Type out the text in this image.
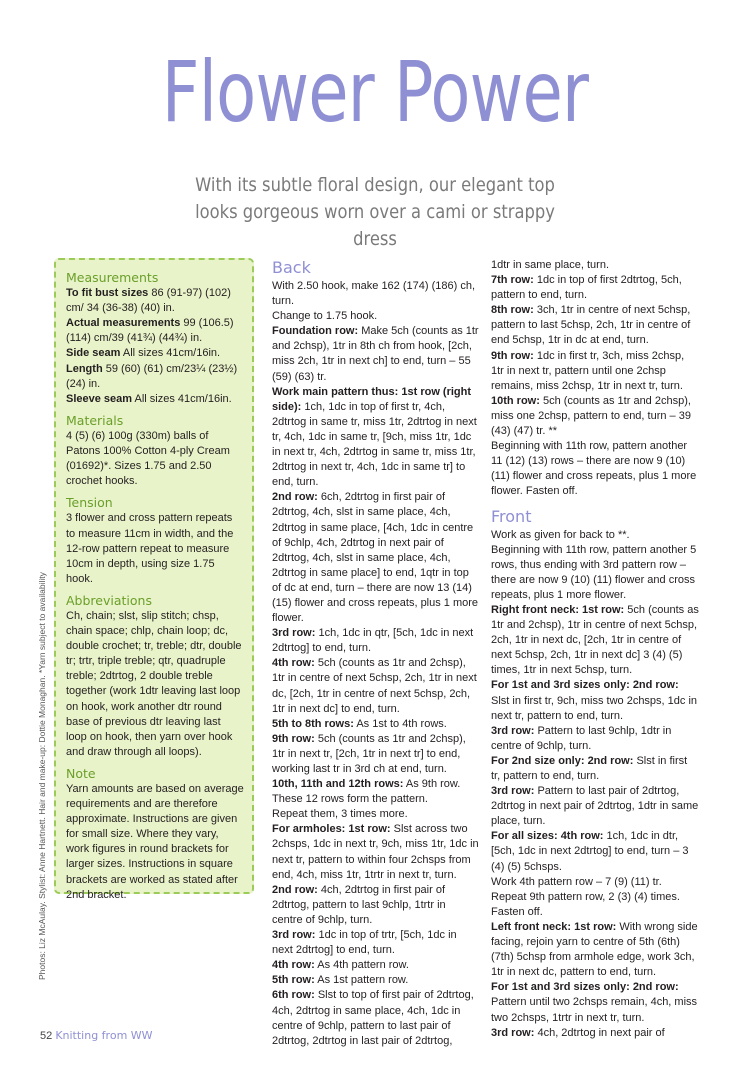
Flower Power
With its subtle floral design, our elegant top looks gorgeous worn over a cami or strappy dress
Photos: Liz McAulay. Stylist: Anne Hartnett. Hair and make-up: Dottie Monaghan. *Yarn subject to availability
Measurements

To fit bust sizes 86 (91-97) (102) cm/ 34 (36-38) (40) in.

Actual measurements 99 (106.5) (114) cm/39 (41¾) (44¾) in.

Side seam All sizes 41cm/16in.

Length 59 (60) (61) cm/23¼ (23½) (24) in.

Sleeve seam All sizes 41cm/16in.

Materials

4 (5) (6) 100g (330m) balls of Patons 100% Cotton 4-ply Cream (01692)*. Sizes 1.75 and 2.50 crochet hooks.

Tension

3 flower and cross pattern repeats to measure 11cm in width, and the 12-row pattern repeat to measure 10cm in depth, using size 1.75 hook.

Abbreviations

Ch, chain; slst, slip stitch; chsp, chain space; chlp, chain loop; dc, double crochet; tr, treble; dtr, double tr; trtr, triple treble; qtr, quadruple treble; 2dtrtog, 2 double treble together (work 1dtr leaving last loop on hook, work another dtr round base of previous dtr leaving last loop on hook, then yarn over hook and draw through all loops).

Note

Yarn amounts are based on average requirements and are therefore approximate. Instructions are given for small size. Where they vary, work figures in round brackets for larger sizes. Instructions in square brackets are worked as stated after 2nd bracket.

Back

With 2.50 hook, make 162 (174) (186) ch, turn.

Change to 1.75 hook.

Foundation row: Make 5ch (counts as 1tr and 2chsp), 1tr in 8th ch from hook, [2ch, miss 2ch, 1tr in next ch] to end, turn – 55 (59) (63) tr.

Work main pattern thus: 1st row (right side): 1ch, 1dc in top of first tr, 4ch, 2dtrtog in same tr, miss 1tr, 2dtrtog in next tr, 4ch, 1dc in same tr, [9ch, miss 1tr, 1dc in next tr, 4ch, 2dtrtog in same tr, miss 1tr, 2dtrtog in next tr, 4ch, 1dc in same tr] to end, turn.

2nd row: 6ch, 2dtrtog in first pair of 2dtrtog, 4ch, slst in same place, 4ch, 2dtrtog in same place, [4ch, 1dc in centre of 9chlp, 4ch, 2dtrtog in next pair of 2dtrtog, 4ch, slst in same place, 4ch, 2dtrtog in same place] to end, 1qtr in top of dc at end, turn – there are now 13 (14) (15) flower and cross repeats, plus 1 more flower.

3rd row: 1ch, 1dc in qtr, [5ch, 1dc in next 2dtrtog] to end, turn.

4th row: 5ch (counts as 1tr and 2chsp), 1tr in centre of next 5chsp, 2ch, 1tr in next dc, [2ch, 1tr in centre of next 5chsp, 2ch, 1tr in next dc] to end, turn.

5th to 8th rows: As 1st to 4th rows.

9th row: 5ch (counts as 1tr and 2chsp), 1tr in next tr, [2ch, 1tr in next tr] to end, working last tr in 3rd ch at end, turn.

10th, 11th and 12th rows: As 9th row.

These 12 rows form the pattern.

Repeat them, 3 times more.

For armholes: 1st row: Slst across two 2chsps, 1dc in next tr, 9ch, miss 1tr, 1dc in next tr, pattern to within four 2chsps from end, 4ch, miss 1tr, 1trtr in next tr, turn.

2nd row: 4ch, 2dtrtog in first pair of 2dtrtog, pattern to last 9chlp, 1trtr in centre of 9chlp, turn.

3rd row: 1dc in top of trtr, [5ch, 1dc in next 2dtrtog] to end, turn.

4th row: As 4th pattern row.

5th row: As 1st pattern row.

6th row: Slst to top of first pair of 2dtrtog, 4ch, 2dtrtog in same place, 4ch, 1dc in centre of 9chlp, pattern to last pair of 2dtrtog, 2dtrtog in last pair of 2dtrtog,

1dtr in same place, turn.

7th row: 1dc in top of first 2dtrtog, 5ch, pattern to end, turn.

8th row: 3ch, 1tr in centre of next 5chsp, pattern to last 5chsp, 2ch, 1tr in centre of end 5chsp, 1tr in dc at end, turn.

9th row: 1dc in first tr, 3ch, miss 2chsp, 1tr in next tr, pattern until one 2chsp remains, miss 2chsp, 1tr in next tr, turn.

10th row: 5ch (counts as 1tr and 2chsp), miss one 2chsp, pattern to end, turn – 39 (43) (47) tr. **

Beginning with 11th row, pattern another 11 (12) (13) rows – there are now 9 (10) (11) flower and cross repeats, plus 1 more flower. Fasten off.

Front

Work as given for back to **.

Beginning with 11th row, pattern another 5 rows, thus ending with 3rd pattern row – there are now 9 (10) (11) flower and cross repeats, plus 1 more flower.

Right front neck: 1st row: 5ch (counts as 1tr and 2chsp), 1tr in centre of next 5chsp, 2ch, 1tr in next dc, [2ch, 1tr in centre of next 5chsp, 2ch, 1tr in next dc] 3 (4) (5) times, 1tr in next 5chsp, turn.

For 1st and 3rd sizes only: 2nd row: Slst in first tr, 9ch, miss two 2chsps, 1dc in next tr, pattern to end, turn.

3rd row: Pattern to last 9chlp, 1dtr in centre of 9chlp, turn.

For 2nd size only: 2nd row: Slst in first tr, pattern to end, turn.

3rd row: Pattern to last pair of 2dtrtog, 2dtrtog in next pair of 2dtrtog, 1dtr in same place, turn.

For all sizes: 4th row: 1ch, 1dc in dtr, [5ch, 1dc in next 2dtrtog] to end, turn – 3 (4) (5) 5chsps.

Work 4th pattern row – 7 (9) (11) tr.

Repeat 9th pattern row, 2 (3) (4) times.

Fasten off.

Left front neck: 1st row: With wrong side facing, rejoin yarn to centre of 5th (6th) (7th) 5chsp from armhole edge, work 3ch, 1tr in next dc, pattern to end, turn.

For 1st and 3rd sizes only: 2nd row: Pattern until two 2chsps remain, 4ch, miss two 2chsps, 1trtr in next tr, turn.

3rd row: 4ch, 2dtrtog in next pair of

52 Knitting from WW
